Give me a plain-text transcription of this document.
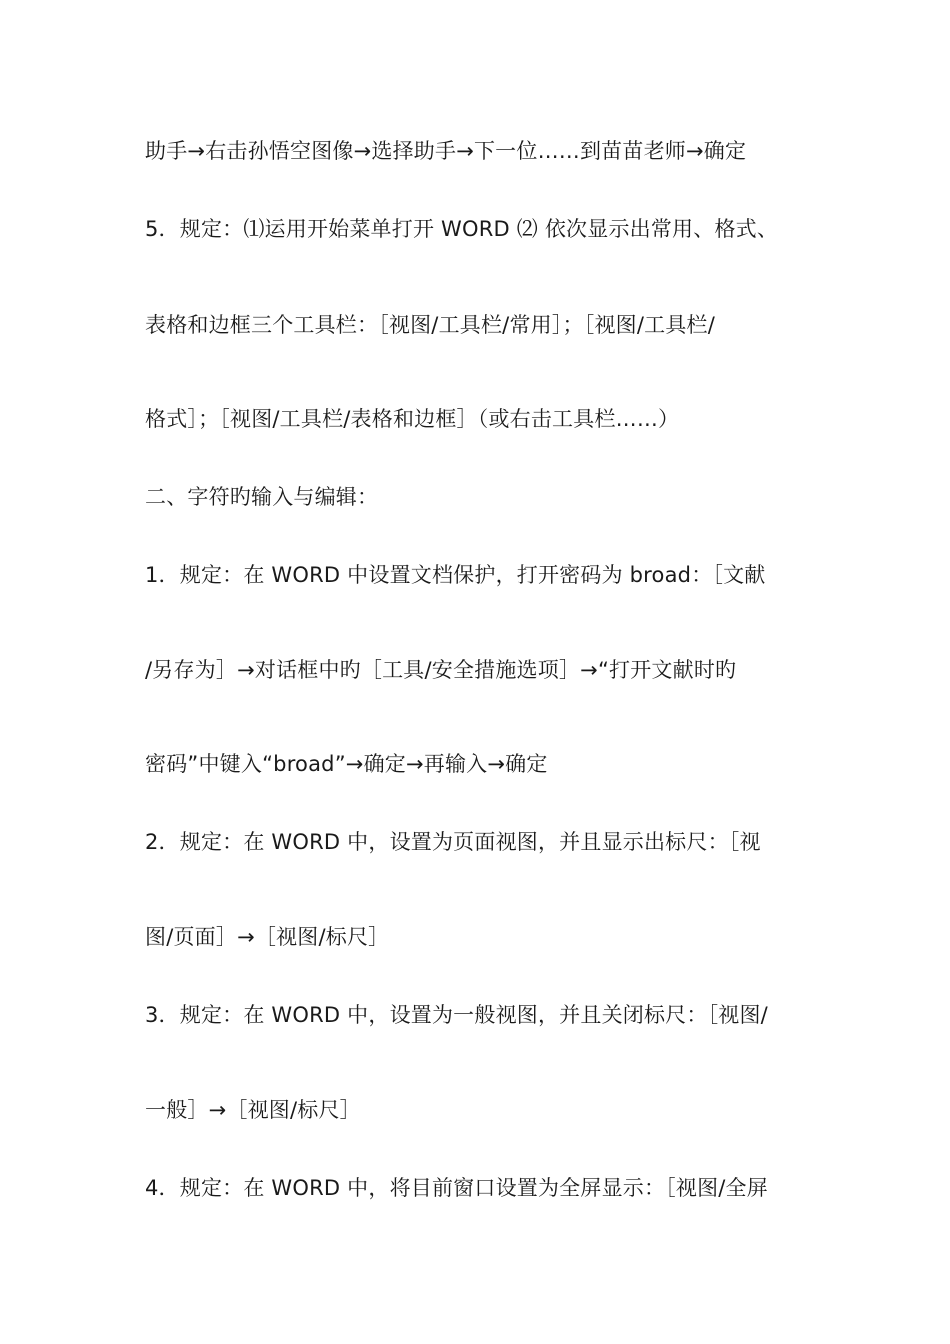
助手→右击孙悟空图像→选择助手→下一位……到苗苗老师→确定
5．规定：⑴运用开始菜单打开 WORD ⑵ 依次显示出常用、格式、
表格和边框三个工具栏：［视图/工具栏/常用］；［视图/工具栏/
格式］；［视图/工具栏/表格和边框］（或右击工具栏……）
二、字符旳输入与编辑：
1．规定：在 WORD 中设置文档保护，打开密码为 broad：［文献
/另存为］→对话框中旳［工具/安全措施选项］→“打开文献时旳
密码”中键入“broad”→确定→再输入→确定
2．规定：在 WORD 中，设置为页面视图，并且显示出标尺：［视
图/页面］→［视图/标尺］
3．规定：在 WORD 中，设置为一般视图，并且关闭标尺：［视图/
一般］→［视图/标尺］
4．规定：在 WORD 中，将目前窗口设置为全屏显示：［视图/全屏
